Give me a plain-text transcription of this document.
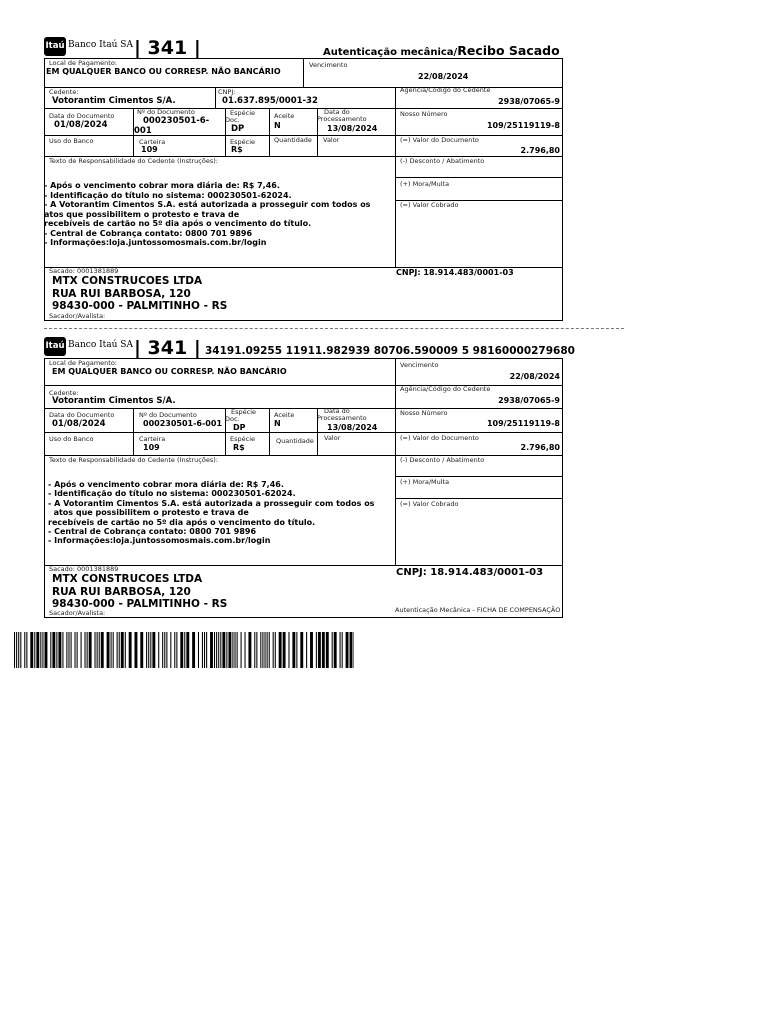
Itaú Banco Itaú SA | 341 |	Autenticação mecânica/Recibo Sacado
Local de Pagamento:
EM QUALQUER BANCO OU CORRESP. NÃO BANCÁRIO
Vencimento
22/08/2024
Cedente:
Votorantim Cimentos S/A.
CNPJ:
01.637.895/0001-32
Agência/Código do Cedente
2938/07065-9
Data do Documento
01/08/2024
Nº do Documento
000230501-6-
001
Espécie
Doc.
DP
Aceite
N
Data do
Processamento
13/08/2024
Nosso Número
109/25119119-8
Uso do Banco	Carteira
109
Espécie
R$
Quantidade Valor	(=) Valor do Documento
2.796,80
Texto de Responsabilidade do Cedente (Instruções):	(-) Desconto / Abatimento
(+) Mora/Multa
(=) Valor Cobrado
- Após o vencimento cobrar mora diária de: R$ 7,46.
- Identificação do título no sistema: 000230501-62024.
- A Votorantim Cimentos S.A. está autorizada a prosseguir com todos os
atos que possibilitem o protesto e trava de
recebíveis de cartão no 5º dia após o vencimento do título.
- Central de Cobrança contato: 0800 701 9896
- Informações:loja.juntossomosmais.com.br/login
Sacado: 0001381889	CNPJ: 18.914.483/0001-03
MTX CONSTRUCOES LTDA
RUA RUI BARBOSA, 120
98430-000 - PALMITINHO - RS
Sacador/Avalista:
Itaú Banco Itaú SA | 341 | 34191.09255 11911.982939 80706.590009 5 98160000279680
Local de Pagamento:
EM QUALQUER BANCO OU CORRESP. NÃO BANCÁRIO
Vencimento
22/08/2024
Cedente:
Votorantim Cimentos S/A.
Agência/Código do Cedente
2938/07065-9
Data do Documento
01/08/2024
Nº do Documento
000230501-6-001
Espécie
Doc.
DP
Aceite
N
Data do
Processamento
13/08/2024
Nosso Número
109/25119119-8
Uso do Banco	Carteira
109
Espécie
R$
Quantidade Valor	(=) Valor do Documento
2.796,80
Texto de Responsabilidade do Cedente (Instruções):	(-) Desconto / Abatimento
(+) Mora/Multa
(=) Valor Cobrado
- Após o vencimento cobrar mora diária de: R$ 7,46.
- Identificação do título no sistema: 000230501-62024.
- A Votorantim Cimentos S.A. está autorizada a prosseguir com todos os
atos que possibilitem o protesto e trava de
recebíveis de cartão no 5º dia após o vencimento do título.
- Central de Cobrança contato: 0800 701 9896
- Informações:loja.juntossomosmais.com.br/login
Sacado: 0001381889	CNPJ: 18.914.483/0001-03
MTX CONSTRUCOES LTDA
RUA RUI BARBOSA, 120
98430-000 - PALMITINHO - RS
Sacador/Avalista:	Autenticação Mecânica - FICHA DE COMPENSAÇÃO
